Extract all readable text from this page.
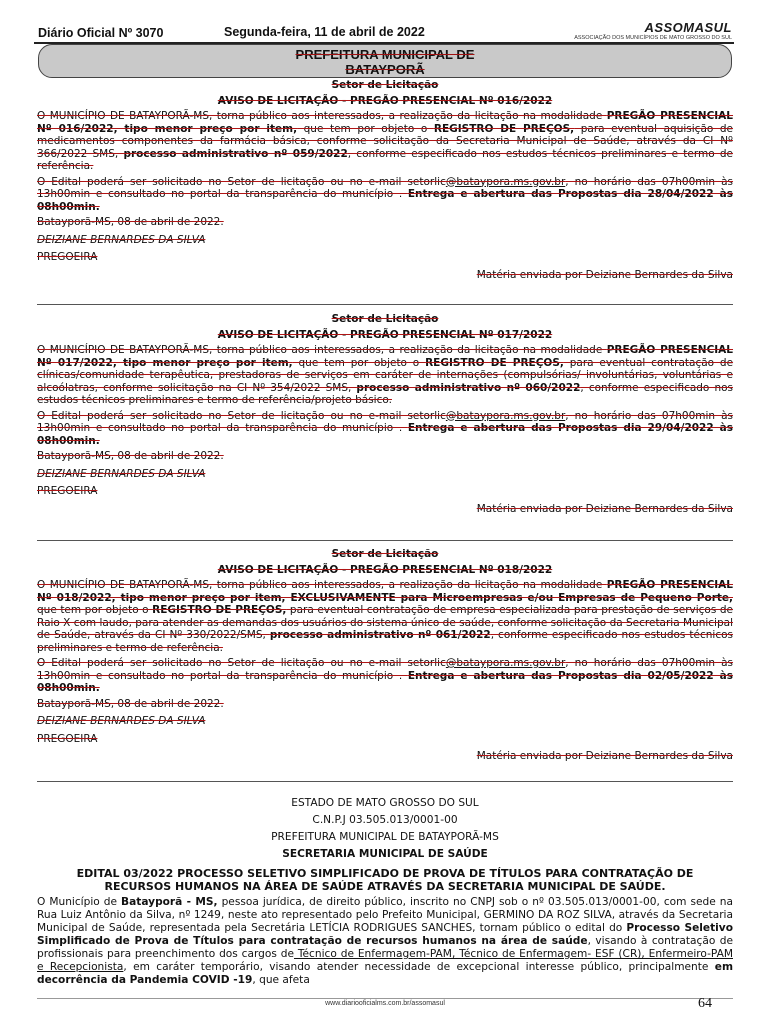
Diário Oficial Nº 3070	Segunda-feira, 11 de abril de 2022	ASSOMASUL
ASSOCIAÇÃO DOS MUNICÍPIOS DE MATO GROSSO DO SUL
PREFEITURA MUNICIPAL DE
BATAYPORÃ
Setor de Licitação
AVISO DE LICITAÇÃO - PREGÃO PRESENCIAL Nº 016/2022

O MUNICÍPIO DE BATAYPORÃ-MS, torna público aos interessados, a realização da licitação na modalidade PREGÃO PRESENCIAL Nº 016/2022, tipo menor preço por item, que tem por objeto o REGISTRO DE PREÇOS, para eventual aquisição de medicamentos componentes da farmácia básica, conforme solicitação da Secretaria Municipal de Saúde, através da CI Nº 366/2022 SMS, processo administrativo nº 059/2022, conforme especificado nos estudos técnicos preliminares e termo de referência.

O Edital poderá ser solicitado no Setor de licitação ou no e-mail setorlic@bataypora.ms.gov.br, no horário das 07h00min às 13h00min e consultado no portal da transparência do município . Entrega e abertura das Propostas dia 28/04/2022 às 08h00min.

Batayporã-MS, 08 de abril de 2022.
DEIZIANE BERNARDES DA SILVA
PREGOEIRA
Matéria enviada por Deiziane Bernardes da Silva
Setor de Licitação
AVISO DE LICITAÇÃO - PREGÃO PRESENCIAL Nº 017/2022

O MUNICÍPIO DE BATAYPORÃ-MS, torna público aos interessados, a realização da licitação na modalidade PREGÃO PRESENCIAL Nº 017/2022, tipo menor preço por item, que tem por objeto o REGISTRO DE PREÇOS, para eventual contratação de clínicas/comunidade terapêutica, prestadoras de serviços em caráter de internações (compulsórias/ involuntárias, voluntárias e alcoólatras, conforme solicitação na CI Nº 354/2022 SMS, processo administrativo nº 060/2022, conforme especificado nos estudos técnicos preliminares e termo de referência/projeto básico.

O Edital poderá ser solicitado no Setor de licitação ou no e-mail setorlic@bataypora.ms.gov.br, no horário das 07h00min às 13h00min e consultado no portal da transparência do município . Entrega e abertura das Propostas dia 29/04/2022 às 08h00min.

Batayporã-MS, 08 de abril de 2022.
DEIZIANE BERNARDES DA SILVA
PREGOEIRA
Matéria enviada por Deiziane Bernardes da Silva
Setor de Licitação
AVISO DE LICITAÇÃO - PREGÃO PRESENCIAL Nº 018/2022

O MUNICÍPIO DE BATAYPORÃ-MS, torna público aos interessados, a realização da licitação na modalidade PREGÃO PRESENCIAL Nº 018/2022, tipo menor preço por item, EXCLUSIVAMENTE para Microempresas e/ou Empresas de Pequeno Porte, que tem por objeto o REGISTRO DE PREÇOS, para eventual contratação de empresa especializada para prestação de serviços de Raio X com laudo, para atender as demandas dos usuários do sistema único de saúde, conforme solicitação da Secretaria Municipal de Saúde, através da CI Nº 330/2022/SMS, processo administrativo nº 061/2022, conforme especificado nos estudos técnicos preliminares e termo de referência.

O Edital poderá ser solicitado no Setor de licitação ou no e-mail setorlic@bataypora.ms.gov.br, no horário das 07h00min às 13h00min e consultado no portal da transparência do município . Entrega e abertura das Propostas dia 02/05/2022 às 08h00min.

Batayporã-MS, 08 de abril de 2022.
DEIZIANE BERNARDES DA SILVA
PREGOEIRA
Matéria enviada por Deiziane Bernardes da Silva
ESTADO DE MATO GROSSO DO SUL
C.N.P.J 03.505.013/0001-00
PREFEITURA MUNICIPAL DE BATAYPORÃ-MS
SECRETARIA MUNICIPAL DE SAÚDE
EDITAL 03/2022 PROCESSO SELETIVO SIMPLIFICADO DE PROVA DE TÍTULOS PARA CONTRATAÇÃO DE RECURSOS HUMANOS NA ÁREA DE SAÚDE ATRAVÉS DA SECRETARIA MUNICIPAL DE SAÚDE.

O Município de Batayporã - MS, pessoa jurídica, de direito público, inscrito no CNPJ sob o nº 03.505.013/0001-00, com sede na Rua Luiz Antônio da Silva, nº 1249, neste ato representado pelo Prefeito Municipal, GERMINO DA ROZ SILVA, através da Secretaria Municipal de Saúde, representada pela Secretária LETÍCIA RODRIGUES SANCHES, tornam público o edital do Processo Seletivo Simplificado de Prova de Títulos para contratação de recursos humanos na área de saúde, visando à contratação de profissionais para preenchimento dos cargos de Técnico de Enfermagem-PAM, Técnico de Enfermagem- ESF (CR), Enfermeiro-PAM e Recepcionista, em caráter temporário, visando atender necessidade de excepcional interesse público, principalmente em decorrência da Pandemia COVID -19, que afeta

www.diariooficialms.com.br/assomasul	64
